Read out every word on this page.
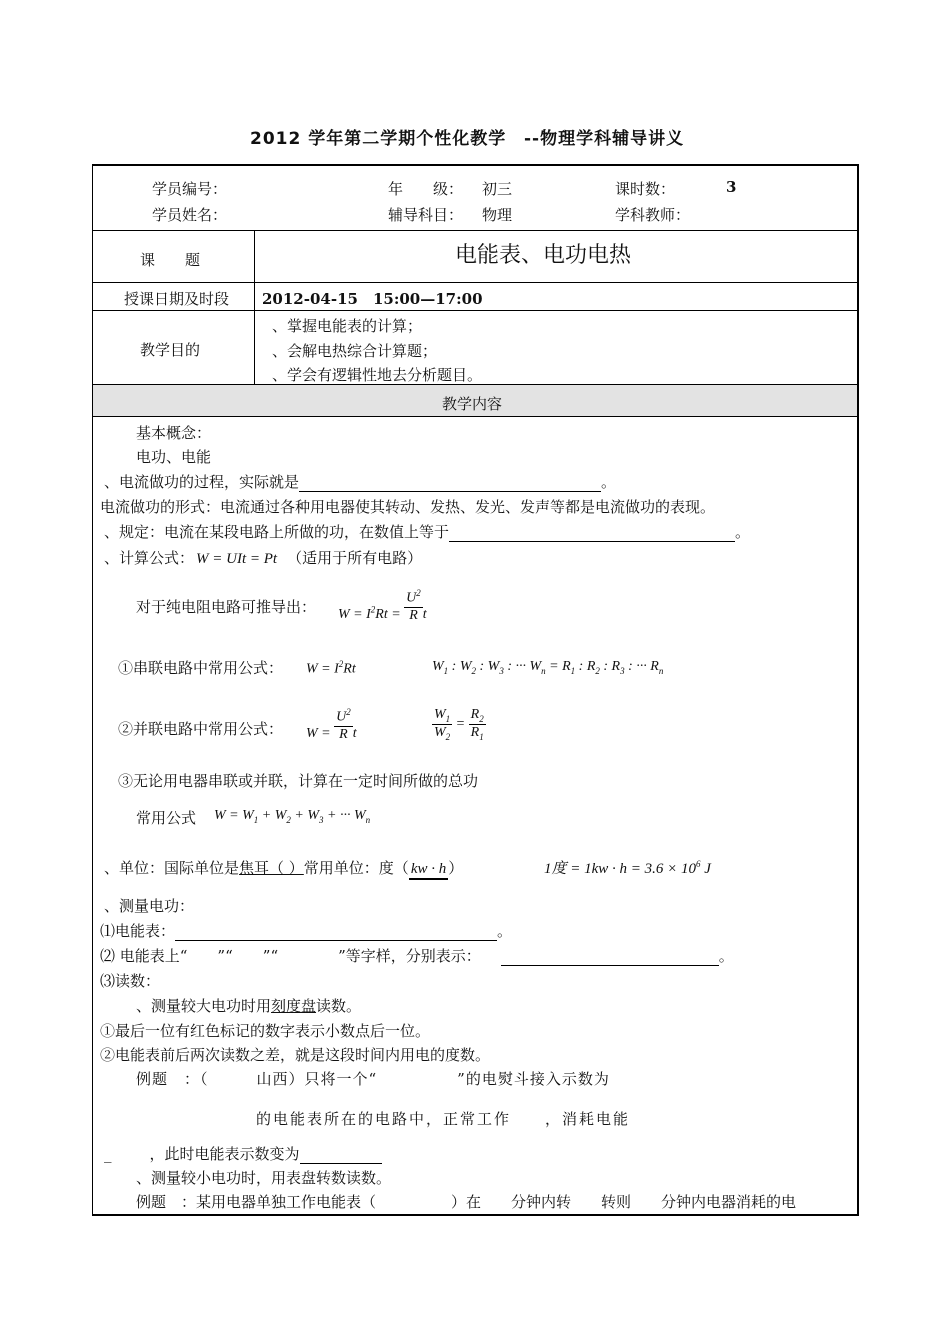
2012 学年第二学期个性化教学 --物理学科辅导讲义
学员编号：	年　　级： 初三	课时数：	3
学员姓名：	辅导科目： 物理	学科教师：
课　　题	电能表、电功电热
授课日期及时段 2012-04-15　15:00—17:00
教学目的
、掌握电能表的计算；
、会解电热综合计算题；
、学会有逻辑性地去分析题目。
教学内容
基本概念：
电功、电能
、电流做功的过程，实际就是	。
电流做功的形式：电流通过各种用电器使其转动、发热、发光、发声等都是电流做功的表现。
、规定：电流在某段电路上所做的功，在数值上等于	。
、计算公式： W = UIt = Pt （适用于所有电路）
对于纯电阻电路可推导出： $W = I^2Rt = \frac{U^2}{R}$ t
①串联电路中常用公式： $W = I^2Rt$	$W_1$ : $W_2$ : $W_3$ : ··· $W_n = R_1$ : $R_2$ : $R_3$ : ··· $R_n$
②并联电路中常用公式： $W = \frac{U^2}{R}$ t	$\frac{W_1}{W_2} = \frac{R_2}{R_1}$
③无论用电器串联或并联，计算在一定时间所做的总功
常用公式 $W = W_1 + W_2 + W_3$ + ··· $W_n$
、单位：国际单位是焦耳（ ）常用单位：度（ kw · h ）	1度 = $1kw \cdot h = 3.6 \times 10^6$ J
、测量电功：
⑴电能表：	。
⑵ 电能表上“　　”“　　”“　　　　”等字样，分别表示：	。
⑶读数：
、测量较大电功时用刻度盘读数。
①最后一位有红色标记的数字表示小数点后一位。
②电能表前后两次读数之差，就是这段时间内用电的度数。
例题　：（　　　山西）只将一个“　　　　　”的电熨斗接入示数为
的电能表所在的电路中，正常工作　　，消耗电能
_	，此时电能表示数变为
、测量较小电功时，用表盘转数读数。
例题　：某用电器单独工作电能表（　　　　　）在　　分钟内转　　转则　　分钟内电器消耗的电
